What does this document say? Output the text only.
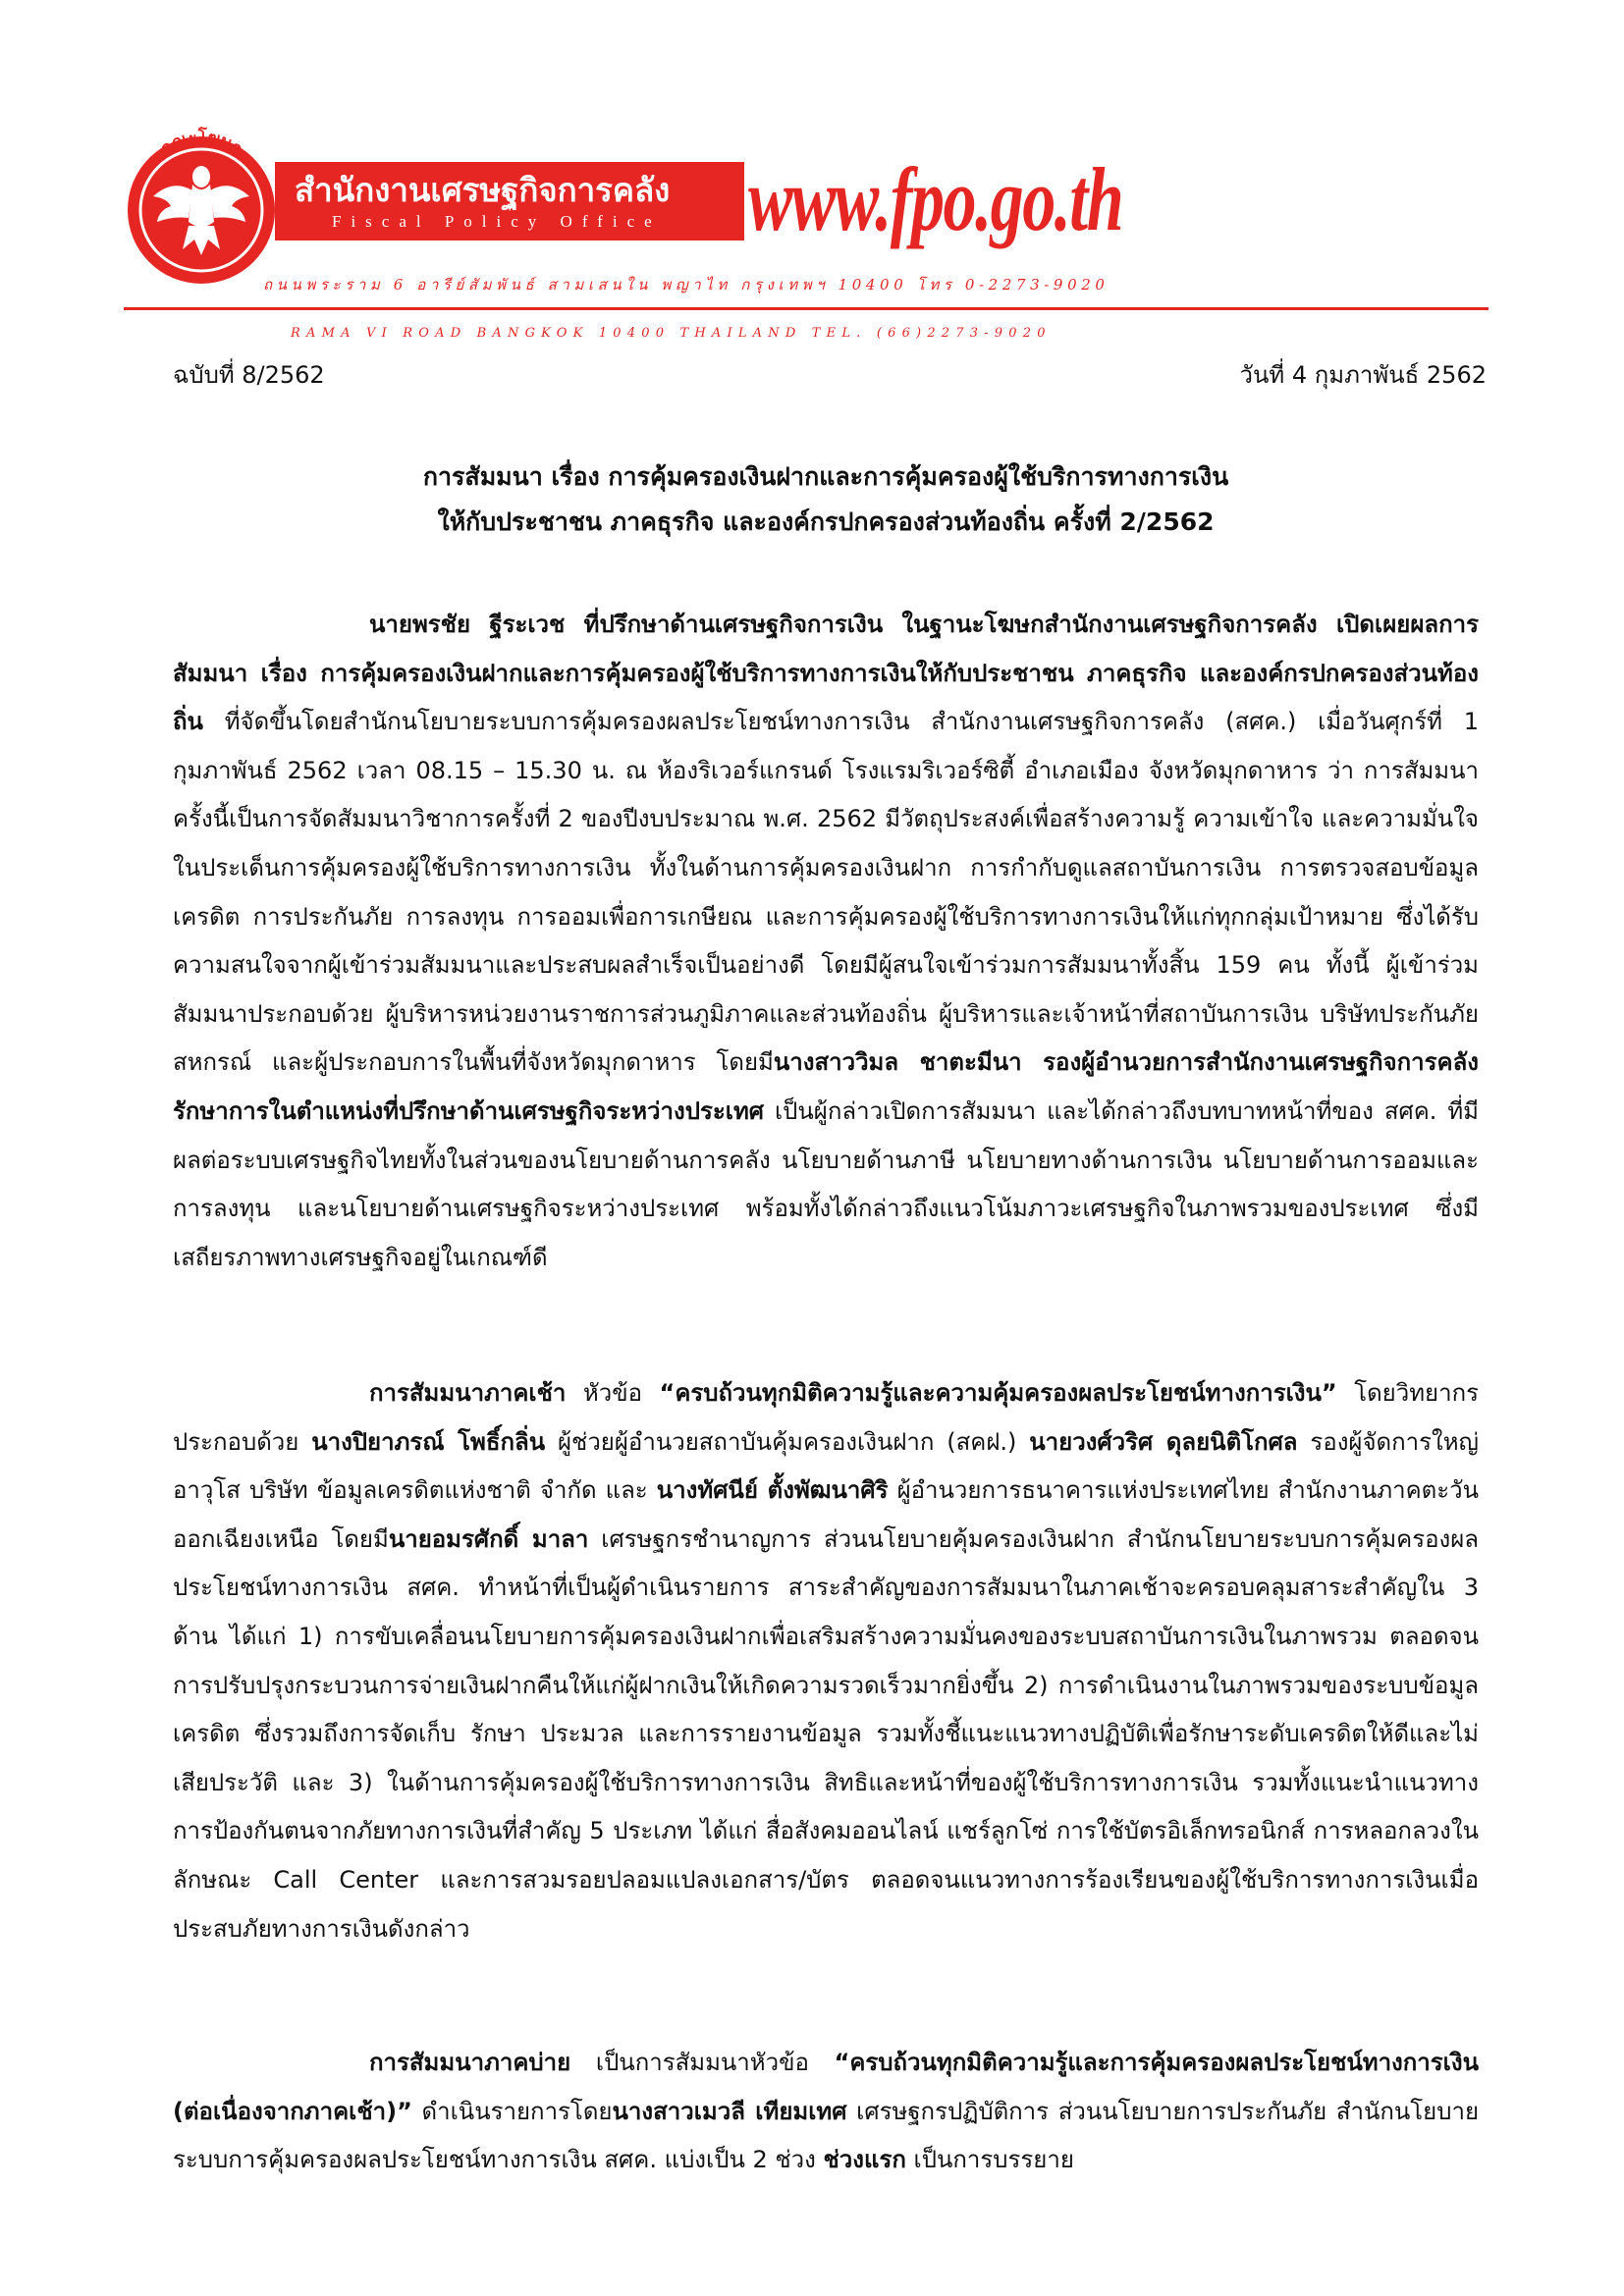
คณะโฆษก
สำนักงานเศรษฐกิจการคลัง
Fiscal Policy Office www.fpo.go.th
ถนนพระราม 6 อารีย์สัมพันธ์ สามเสนใน พญาไท กรุงเทพฯ 10400 โทร 0-2273-9020
RAMA VI ROAD BANGKOK 10400 THAILAND TEL. (66)2273-9020
ฉบับที่ 8/2562	วันที่ 4 กุมภาพันธ์ 2562
การสัมมนา เรื่อง การคุ้มครองเงินฝากและการคุ้มครองผู้ใช้บริการทางการเงิน
ให้กับประชาชน ภาคธุรกิจ และองค์กรปกครองส่วนท้องถิ่น ครั้งที่ 2/2562
นายพรชัย ฐีระเวช ที่ปรึกษาด้านเศรษฐกิจการเงิน ในฐานะโฆษกสำนักงานเศรษฐกิจการคลัง เปิดเผยผลการสัมมนา เรื่อง การคุ้มครองเงินฝากและการคุ้มครองผู้ใช้บริการทางการเงินให้กับประชาชน ภาคธุรกิจ และองค์กรปกครองส่วนท้องถิ่น ที่จัดขึ้นโดยสำนักนโยบายระบบการคุ้มครองผลประโยชน์ทางการเงิน สำนักงานเศรษฐกิจการคลัง (สศค.) เมื่อวันศุกร์ที่ 1 กุมภาพันธ์ 2562 เวลา 08.15 – 15.30 น. ณ ห้องริเวอร์แกรนด์ โรงแรมริเวอร์ซิตี้ อำเภอเมือง จังหวัดมุกดาหาร ว่า การสัมมนาครั้งนี้เป็นการจัดสัมมนาวิชาการครั้งที่ 2 ของปีงบประมาณ พ.ศ. 2562 มีวัตถุประสงค์เพื่อสร้างความรู้ ความเข้าใจ และความมั่นใจในประเด็นการคุ้มครองผู้ใช้บริการทางการเงิน ทั้งในด้านการคุ้มครองเงินฝาก การกำกับดูแลสถาบันการเงิน การตรวจสอบข้อมูลเครดิต การประกันภัย การลงทุน การออมเพื่อการเกษียณ และการคุ้มครองผู้ใช้บริการทางการเงินให้แก่ทุกกลุ่มเป้าหมาย ซึ่งได้รับความสนใจจากผู้เข้าร่วมสัมมนาและประสบผลสำเร็จเป็นอย่างดี โดยมีผู้สนใจเข้าร่วมการสัมมนาทั้งสิ้น 159 คน ทั้งนี้ ผู้เข้าร่วมสัมมนาประกอบด้วย ผู้บริหารหน่วยงานราชการส่วนภูมิภาคและส่วนท้องถิ่น ผู้บริหารและเจ้าหน้าที่สถาบันการเงิน บริษัทประกันภัย สหกรณ์ และผู้ประกอบการในพื้นที่จังหวัดมุกดาหาร โดยมีนางสาววิมล ชาตะมีนา รองผู้อำนวยการสำนักงานเศรษฐกิจการคลัง รักษาการในตำแหน่งที่ปรึกษาด้านเศรษฐกิจระหว่างประเทศ เป็นผู้กล่าวเปิดการสัมมนา และได้กล่าวถึงบทบาทหน้าที่ของ สศค. ที่มีผลต่อระบบเศรษฐกิจไทยทั้งในส่วนของนโยบายด้านการคลัง นโยบายด้านภาษี นโยบายทางด้านการเงิน นโยบายด้านการออมและการลงทุน และนโยบายด้านเศรษฐกิจระหว่างประเทศ พร้อมทั้งได้กล่าวถึงแนวโน้มภาวะเศรษฐกิจในภาพรวมของประเทศ ซึ่งมีเสถียรภาพทางเศรษฐกิจอยู่ในเกณฑ์ดี
การสัมมนาภาคเช้า หัวข้อ “ครบถ้วนทุกมิติความรู้และความคุ้มครองผลประโยชน์ทางการเงิน” โดยวิทยากรประกอบด้วย นางปิยาภรณ์ โพธิ์กลิ่น ผู้ช่วยผู้อำนวยสถาบันคุ้มครองเงินฝาก (สคฝ.) นายวงศ์วริศ ดุลยนิติโกศล รองผู้จัดการใหญ่อาวุโส บริษัท ข้อมูลเครดิตแห่งชาติ จำกัด และ นางทัศนีย์ ตั้งพัฒนาศิริ ผู้อำนวยการธนาคารแห่งประเทศไทย สำนักงานภาคตะวันออกเฉียงเหนือ โดยมีนายอมรศักดิ์ มาลา เศรษฐกรชำนาญการ ส่วนนโยบายคุ้มครองเงินฝาก สำนักนโยบายระบบการคุ้มครองผลประโยชน์ทางการเงิน สศค. ทำหน้าที่เป็นผู้ดำเนินรายการ สาระสำคัญของการสัมมนาในภาคเช้าจะครอบคลุมสาระสำคัญใน 3 ด้าน ได้แก่ 1) การขับเคลื่อนนโยบายการคุ้มครองเงินฝากเพื่อเสริมสร้างความมั่นคงของระบบสถาบันการเงินในภาพรวม ตลอดจนการปรับปรุงกระบวนการจ่ายเงินฝากคืนให้แก่ผู้ฝากเงินให้เกิดความรวดเร็วมากยิ่งขึ้น 2) การดำเนินงานในภาพรวมของระบบข้อมูลเครดิต ซึ่งรวมถึงการจัดเก็บ รักษา ประมวล และการรายงานข้อมูล รวมทั้งชี้แนะแนวทางปฏิบัติเพื่อรักษาระดับเครดิตให้ดีและไม่เสียประวัติ และ 3) ในด้านการคุ้มครองผู้ใช้บริการทางการเงิน สิทธิและหน้าที่ของผู้ใช้บริการทางการเงิน รวมทั้งแนะนำแนวทางการป้องกันตนจากภัยทางการเงินที่สำคัญ 5 ประเภท ได้แก่ สื่อสังคมออนไลน์ แชร์ลูกโซ่ การใช้บัตรอิเล็กทรอนิกส์ การหลอกลวงในลักษณะ Call Center และการสวมรอยปลอมแปลงเอกสาร/บัตร ตลอดจนแนวทางการร้องเรียนของผู้ใช้บริการทางการเงินเมื่อประสบภัยทางการเงินดังกล่าว
การสัมมนาภาคบ่าย เป็นการสัมมนาหัวข้อ “ครบถ้วนทุกมิติความรู้และการคุ้มครองผลประโยชน์ทางการเงิน (ต่อเนื่องจากภาคเช้า)” ดำเนินรายการโดยนางสาวเมวลี เทียมเทศ เศรษฐกรปฏิบัติการ ส่วนนโยบายการประกันภัย สำนักนโยบายระบบการคุ้มครองผลประโยชน์ทางการเงิน สศค. แบ่งเป็น 2 ช่วง ช่วงแรก เป็นการบรรยาย
